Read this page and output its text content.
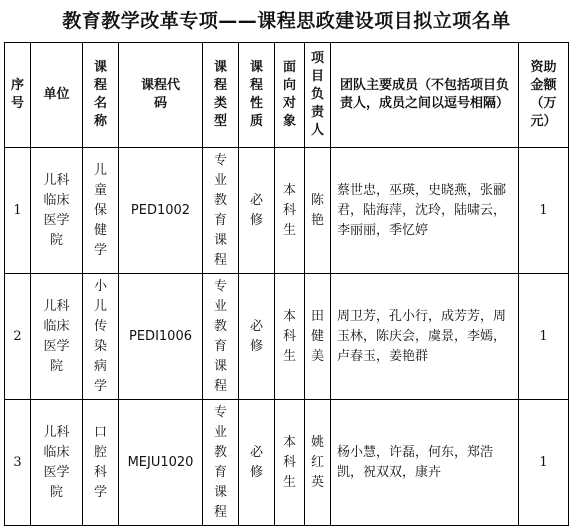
教育教学改革专项——课程思政建设项目拟立项名单
序号	单位	课程名称	课程代码	课程类型	课程性质	面向对象	项目负责人	团队主要成员（不包括项目负责人，成员之间以逗号相隔）	资助金额（万元）
1	儿科临床医学院	儿童保健学	PED1002	专业教育课程	必修	本科生	陈艳	蔡世忠，巫瑛，史晓燕，张郦君，陆海萍，沈玲，陆啸云，李丽丽，季忆婷	1
2	儿科临床医学院	小儿传染病学	PEDI1006	专业教育课程	必修	本科生	田健美	周卫芳，孔小行，成芳芳，周玉林，陈庆会，虞景，李嫣，卢春玉，姜艳群	1
3	儿科临床医学院	口腔科学	MEJU1020	专业教育课程	必修	本科生	姚红英	杨小慧，许磊，何东，郑浩凯，祝双双，康卉	1
